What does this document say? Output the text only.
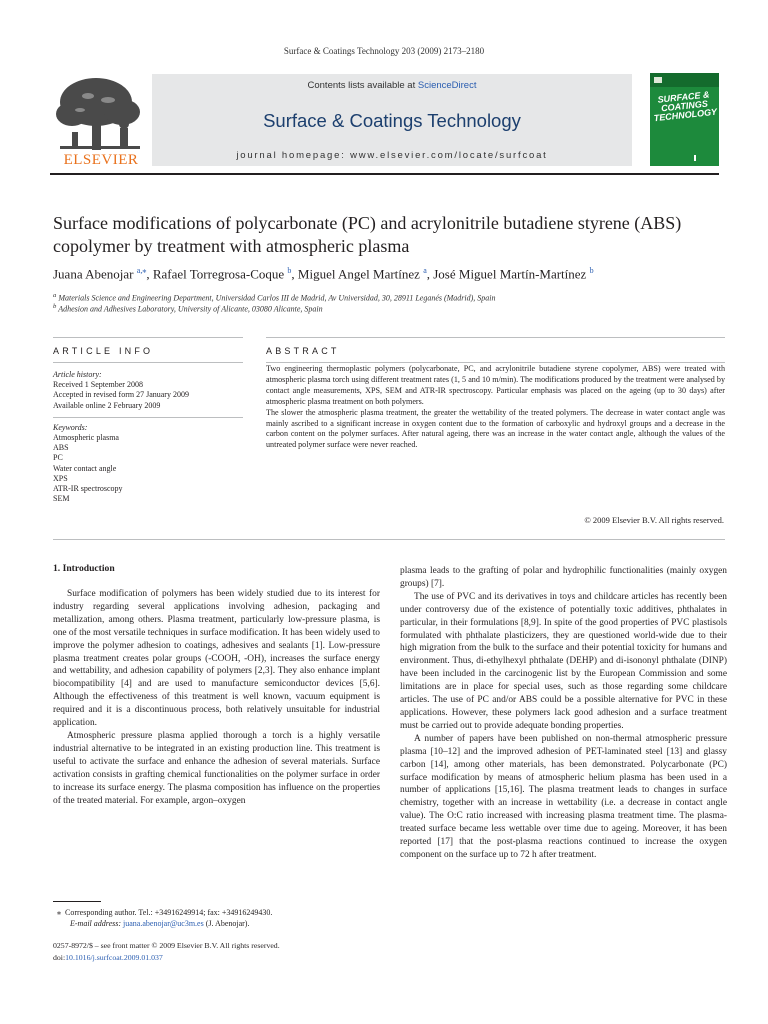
Surface & Coatings Technology 203 (2009) 2173–2180
ELSEVIER
Contents lists available at ScienceDirect
Surface & Coatings Technology
journal homepage: www.elsevier.com/locate/surfcoat
SURFACE & COATINGS TECHNOLOGY
Surface modifications of polycarbonate (PC) and acrylonitrile butadiene styrene (ABS) copolymer by treatment with atmospheric plasma
Juana Abenojar $^{a,⁎}$, Rafael Torregrosa-Coque $^b$, Miguel Angel Martínez $^a$, José Miguel Martín-Martínez $^b$
$^a$ Materials Science and Engineering Department, Universidad Carlos III de Madrid, Av Universidad, 30, 28911 Leganés (Madrid), Spain
$^b$ Adhesion and Adhesives Laboratory, University of Alicante, 03080 Alicante, Spain
ARTICLE INFO	ABSTRACT
Article history:
Received 1 September 2008
Accepted in revised form 27 January 2009
Available online 2 February 2009
Keywords:
Atmospheric plasma
ABS
PC
Water contact angle
XPS
ATR-IR spectroscopy
SEM

Two engineering thermoplastic polymers (polycarbonate, PC, and acrylonitrile butadiene styrene copolymer, ABS) were treated with atmospheric plasma torch using different treatment rates (1, 5 and 10 m/min). The modifications produced by the treatment were analysed by contact angle measurements, XPS, SEM and ATR-IR spectroscopy. Particular emphasis was placed on the ageing (up to 30 days) after atmospheric plasma treatment on both polymers.

The slower the atmospheric plasma treatment, the greater the wettability of the treated polymers. The decrease in water contact angle was mainly ascribed to a significant increase in oxygen content due to the formation of carboxylic and hydroxyl groups and a decrease in the carbon content on the polymer surfaces. After natural ageing, there was an increase in the water contact angle, although the values of the untreated polymer surface were never reached.

© 2009 Elsevier B.V. All rights reserved.
1. Introduction

Surface modification of polymers has been widely studied due to its interest for industry regarding several applications involving adhesion, packaging and metallization, among others. Plasma treatment, particularly low-pressure plasma, is one of the most versatile techniques in surface modification. It has been widely used to improve the polymer adhesion to coatings, adhesives and sealants [1]. Low-pressure plasma treatment creates polar groups (-COOH, -OH), increases the surface energy and wettability, and adhesion capability of polymers [2,3]. They also enhance implant biocompatibility [4] and are used to manufacture semiconductor devices [5,6]. Although the effectiveness of this treatment is well known, vacuum equipment is required and it is a discontinuous process, both relatively unsuitable for industrial application.

Atmospheric pressure plasma applied thorough a torch is a highly versatile industrial alternative to be integrated in an existing production line. This treatment is useful to activate the surface and enhance the adhesion of several materials. Surface activation consists in grafting chemical functionalities on the polymer surface in order to increase its surface energy. The plasma composition has influence on the properties of the treated material. For example, argon–oxygen

plasma leads to the grafting of polar and hydrophilic functionalities (mainly oxygen groups) [7].

The use of PVC and its derivatives in toys and childcare articles has recently been under controversy due of the existence of potentially toxic additives, phthalates in particular, in their formulations [8,9]. In spite of the good properties of PVC plastisols formulated with phthalate plasticizers, they are questioned world-wide due to their high migration from the bulk to the surface and their potential toxicity for humans and environment. Thus, di-ethylhexyl phthalate (DEHP) and di-isononyl phthalate (DINP) have been included in the carcinogenic list by the European Commission and some limitations are in place for special uses, such as those regarding some childcare articles. The use of PC and/or ABS could be a possible alternative for PVC in these applications. However, these polymers lack good adhesion and a surface treatment must be carried out to provide adequate bonding properties.

A number of papers have been published on non-thermal atmospheric pressure plasma [10–12] and the improved adhesion of PET-laminated steel [13] and glassy carbon [14], among other materials, has been demonstrated. Polycarbonate (PC) surface modification by means of atmospheric helium plasma has been used in a number of applications [15,16]. The plasma treatment leads to changes in surface chemistry, together with an increase in wettability (i.e. a decrease in contact angle value). The O:C ratio increased with increasing plasma treatment time. The plasma-treated surface became less wettable over time due to ageing. Moreover, it has been reported [17] that the post-plasma reactions continued to increase the oxygen component on the surface up to 72 h after treatment.

⁎ Corresponding author. Tel.: +34916249914; fax: +34916249430.
E-mail address: juana.abenojar@uc3m.es (J. Abenojar).
0257-8972/$ – see front matter © 2009 Elsevier B.V. All rights reserved.
doi:10.1016/j.surfcoat.2009.01.037
